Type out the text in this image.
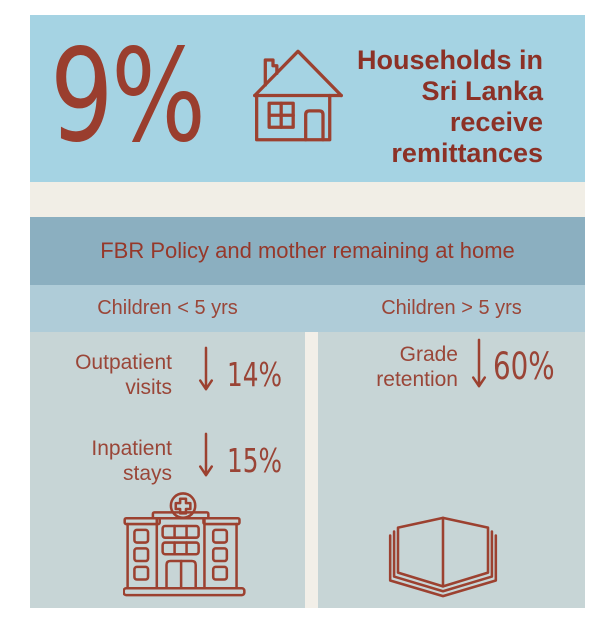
9%	Households in
Sri Lanka
receive
remittances
FBR Policy and mother remaining at home
Children < 5 yrs	Children > 5 yrs
Outpatient
visits 14%
Inpatient
stays 15%
Grade
retention 60%
